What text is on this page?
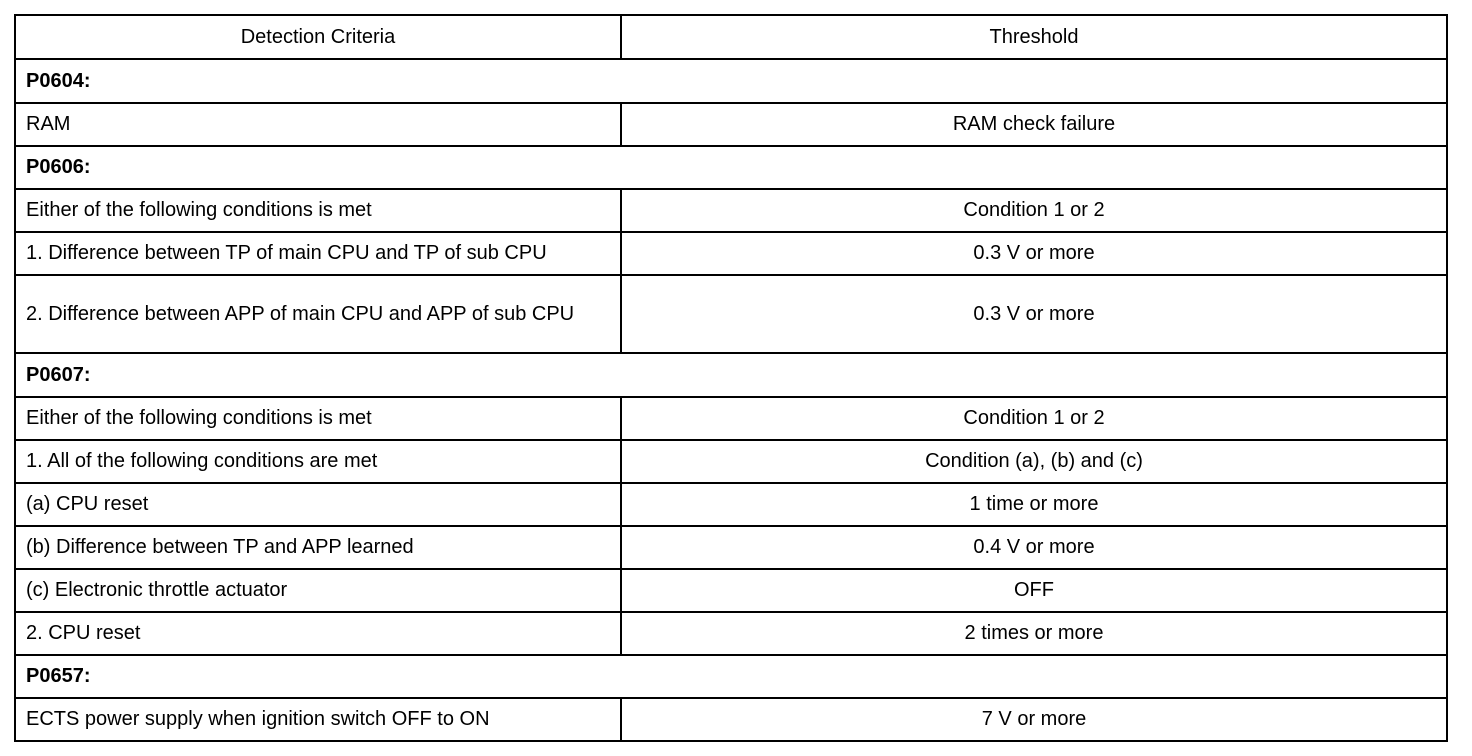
Detection Criteria	Threshold
P0604:	
RAM	RAM check failure
P0606:	
Either of the following conditions is met	Condition 1 or 2
1. Difference between TP of main CPU and TP of sub CPU	0.3 V or more
2. Difference between APP of main CPU and APP of sub CPU	0.3 V or more
P0607:	
Either of the following conditions is met	Condition 1 or 2
1. All of the following conditions are met	Condition (a), (b) and (c)
(a) CPU reset	1 time or more
(b) Difference between TP and APP learned	0.4 V or more
(c) Electronic throttle actuator	OFF
2. CPU reset	2 times or more
P0657:	
ECTS power supply when ignition switch OFF to ON	7 V or more
